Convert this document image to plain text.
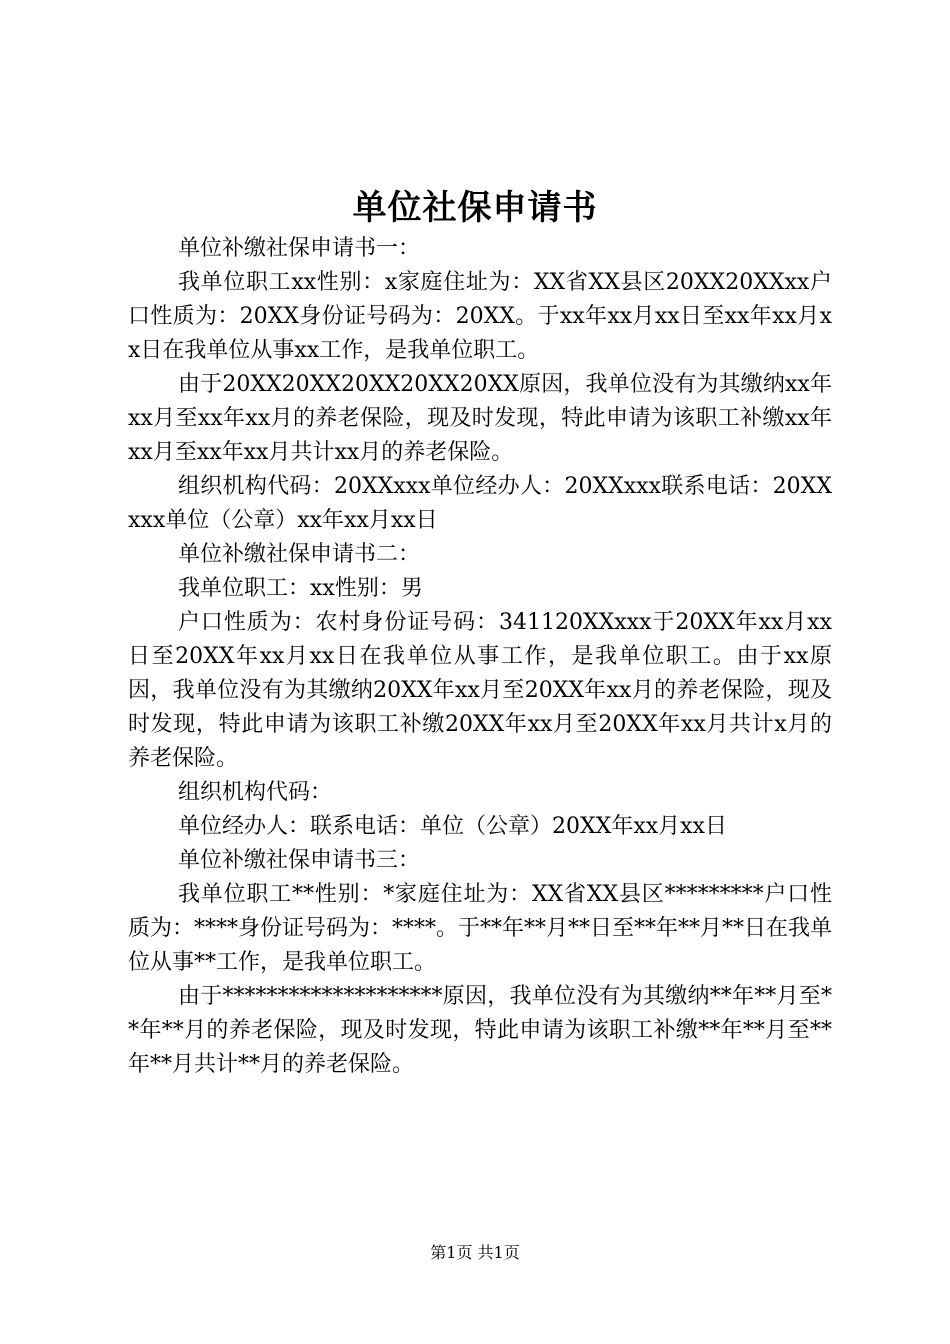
单位社保申请书

单位补缴社保申请书一：

我单位职工xx性别：x家庭住址为：XX省XX县区20XX20XXxx户口性质为：20XX身份证号码为：20XX。于xx年xx月xx日至xx年xx月xx日在我单位从事xx工作，是我单位职工。

由于20XX20XX20XX20XX20XX原因，我单位没有为其缴纳xx年xx月至xx年xx月的养老保险，现及时发现，特此申请为该职工补缴xx年xx月至xx年xx月共计xx月的养老保险。

组织机构代码：20XXxxx单位经办人：20XXxxx联系电话：20XXxxx单位（公章）xx年xx月xx日

单位补缴社保申请书二：

我单位职工：xx性别：男

户口性质为：农村身份证号码：341120XXxxx于20XX年xx月xx日至20XX年xx月xx日在我单位从事工作，是我单位职工。由于xx原因，我单位没有为其缴纳20XX年xx月至20XX年xx月的养老保险，现及时发现，特此申请为该职工补缴20XX年xx月至20XX年xx月共计x月的养老保险。

组织机构代码：

单位经办人：联系电话：单位（公章）20XX年xx月xx日

单位补缴社保申请书三：

我单位职工**性别：*家庭住址为：XX省XX县区*********户口性质为：****身份证号码为：****。于**年**月**日至**年**月**日在我单位从事**工作，是我单位职工。

由于********************原因，我单位没有为其缴纳**年**月至**年**月的养老保险，现及时发现，特此申请为该职工补缴**年**月至**年**月共计**月的养老保险。

第1页 共1页
